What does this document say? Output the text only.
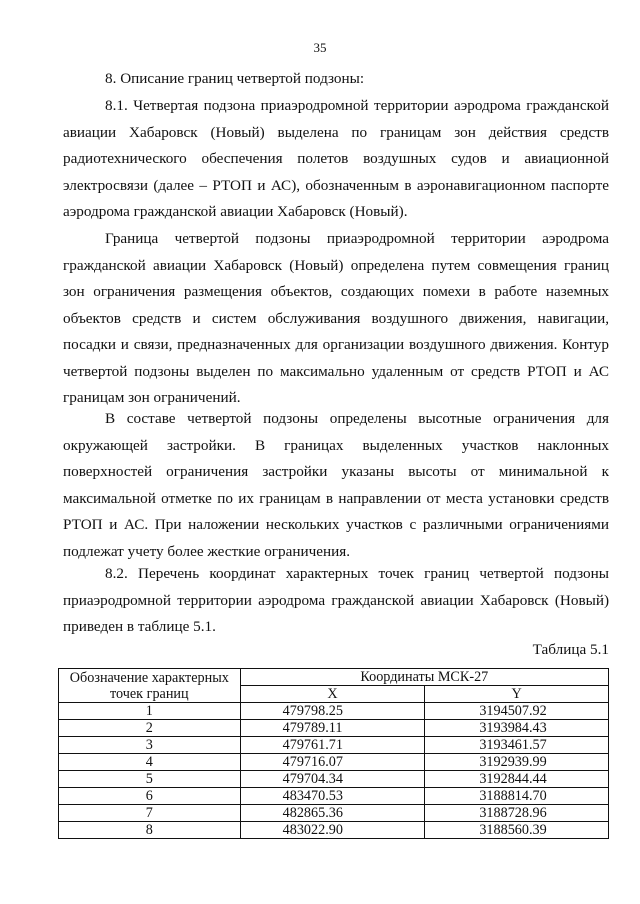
35

8. Описание границ четвертой подзоны:

8.1. Четвертая подзона приаэродромной территории аэродрома гражданской авиации Хабаровск (Новый) выделена по границам зон действия средств радиотехнического обеспечения полетов воздушных судов и авиационной электросвязи (далее – РТОП и АС), обозначенным в аэронавигационном паспорте аэродрома гражданской авиации Хабаровск (Новый).

Граница четвертой подзоны приаэродромной территории аэродрома гражданской авиации Хабаровск (Новый) определена путем совмещения границ зон ограничения размещения объектов, создающих помехи в работе наземных объектов средств и систем обслуживания воздушного движения, навигации, посадки и связи, предназначенных для организации воздушного движения. Контур четвертой подзоны выделен по максимально удаленным от средств РТОП и АС границам зон ограничений.

В составе четвертой подзоны определены высотные ограничения для окружающей застройки. В границах выделенных участков наклонных поверхностей ограничения застройки указаны высоты от минимальной к максимальной отметке по их границам в направлении от места установки средств РТОП и АС. При наложении нескольких участков с различными ограничениями подлежат учету более жесткие ограничения.

8.2. Перечень координат характерных точек границ четвертой подзоны приаэродромной территории аэродрома гражданской авиации Хабаровск (Новый) приведен в таблице 5.1.

Таблица 5.1
Обозначение характерных точек границ	Координаты МСК-27	
	X	Y
1	479798.25	3194507.92
2	479789.11	3193984.43
3	479761.71	3193461.57
4	479716.07	3192939.99
5	479704.34	3192844.44
6	483470.53	3188814.70
7	482865.36	3188728.96
8	483022.90	3188560.39
